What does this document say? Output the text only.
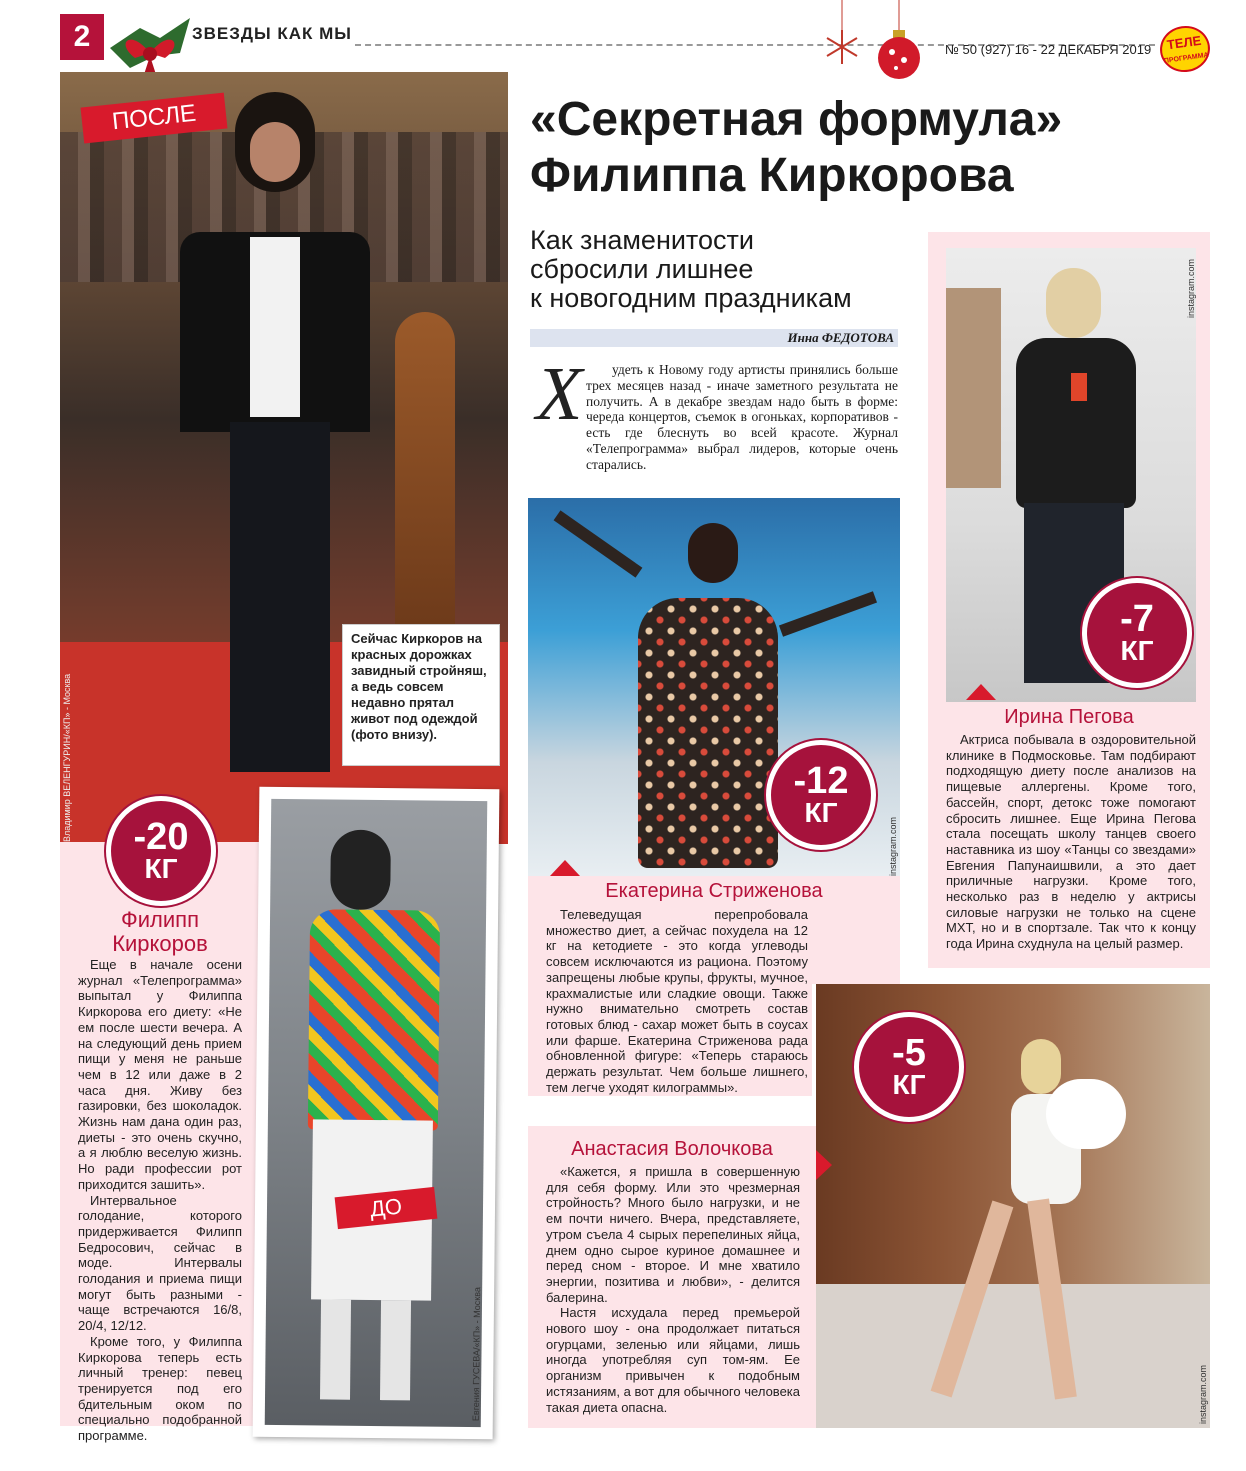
2	ЗВЕЗДЫ КАК МЫ
№ 50 (927) 16 - 22 ДЕКАБРЯ 2019	ТЕЛЕ
ПРОГРАММА
«Секретная формула»
Филиппа Киркорова
Как знаменитости
сбросили лишнее
к новогодним праздникам
Инна ФЕДОТОВА
Х	удеть к Новому году артисты принялись больше трех месяцев назад - иначе заметного результата не получить. А в декабре звездам надо быть в форме: череда концертов, съемок в огоньках, корпоративов - есть где блеснуть во всей красоте. Журнал «Телепрограмма» выбрал лидеров, которые очень старались.
ПОСЛЕ
Сейчас Киркоров на красных дорожках завидный стройняш, а ведь совсем недавно прятал живот под одеждой (фото внизу).
Владимир ВЕЛЕНГУРИН/«КП» - Москва	-20
КГ
Филипп
Киркоров
Еще в начале осени журнал «Телепрограмма» выпытал у Филиппа Киркорова его диету: «Не ем после шести вечера. А на следующий день прием пищи у меня не раньше чем в 12 или даже в 2 часа дня. Живу без газировки, без шоколадок. Жизнь нам дана один раз, диеты - это очень скучно, а я люблю веселую жизнь. Но ради профессии рот приходится зашить».
Интервальное голодание, которого придерживается Филипп Бедросович, сейчас в моде. Интервалы голодания и приема пищи могут быть разными - чаще встречаются 16/8, 20/4, 12/12.
Кроме того, у Филиппа Киркорова теперь есть личный тренер: певец тренируется под его бдительным оком по специально подобранной программе.
Евгения ГУСЕВА/«КП» - Москва
ДО
instagram.com
-12
КГ
Екатерина Стриженова
Телеведущая перепробовала множество диет, а сейчас похудела на 12 кг на кетодиете - это когда углеводы совсем исключаются из рациона. Поэтому запрещены любые крупы, фрукты, мучное, крахмалистые или сладкие овощи. Также нужно внимательно смотреть состав готовых блюд - сахар может быть в соусах или фарше. Екатерина Стриженова рада обновленной фигуре: «Теперь стараюсь держать результат. Чем больше лишнего, тем легче уходят килограммы».
instagram.com
-7
КГ
Ирина Пегова
Актриса побывала в оздоровительной клинике в Подмосковье. Там подбирают подходящую диету после анализов на пищевые аллергены. Кроме того, бассейн, спорт, детокс тоже помогают сбросить лишнее. Еще Ирина Пегова стала посещать школу танцев своего наставника из шоу «Танцы со звездами» Евгения Папунаишвили, а это дает приличные нагрузки. Кроме того, несколько раз в неделю у актрисы силовые нагрузки не только на сцене МХТ, но и в спортзале. Так что к концу года Ирина схуднула на целый размер.
instagram.com
-5
КГ
Анастасия Волочкова
«Кажется, я пришла в совершенную для себя форму. Или это чрезмерная стройность? Много было нагрузки, и не ем почти ничего. Вчера, представляете, утром съела 4 сырых перепелиных яйца, днем одно сырое куриное домашнее и перед сном - второе. И мне хватило энергии, позитива и любви», - делится балерина.
Настя исхудала перед премьерой нового шоу - она продолжает питаться огурцами, зеленью или яйцами, лишь иногда употребляя суп том-ям. Ее организм привычен к подобным истязаниям, а вот для обычного человека такая диета опасна.
